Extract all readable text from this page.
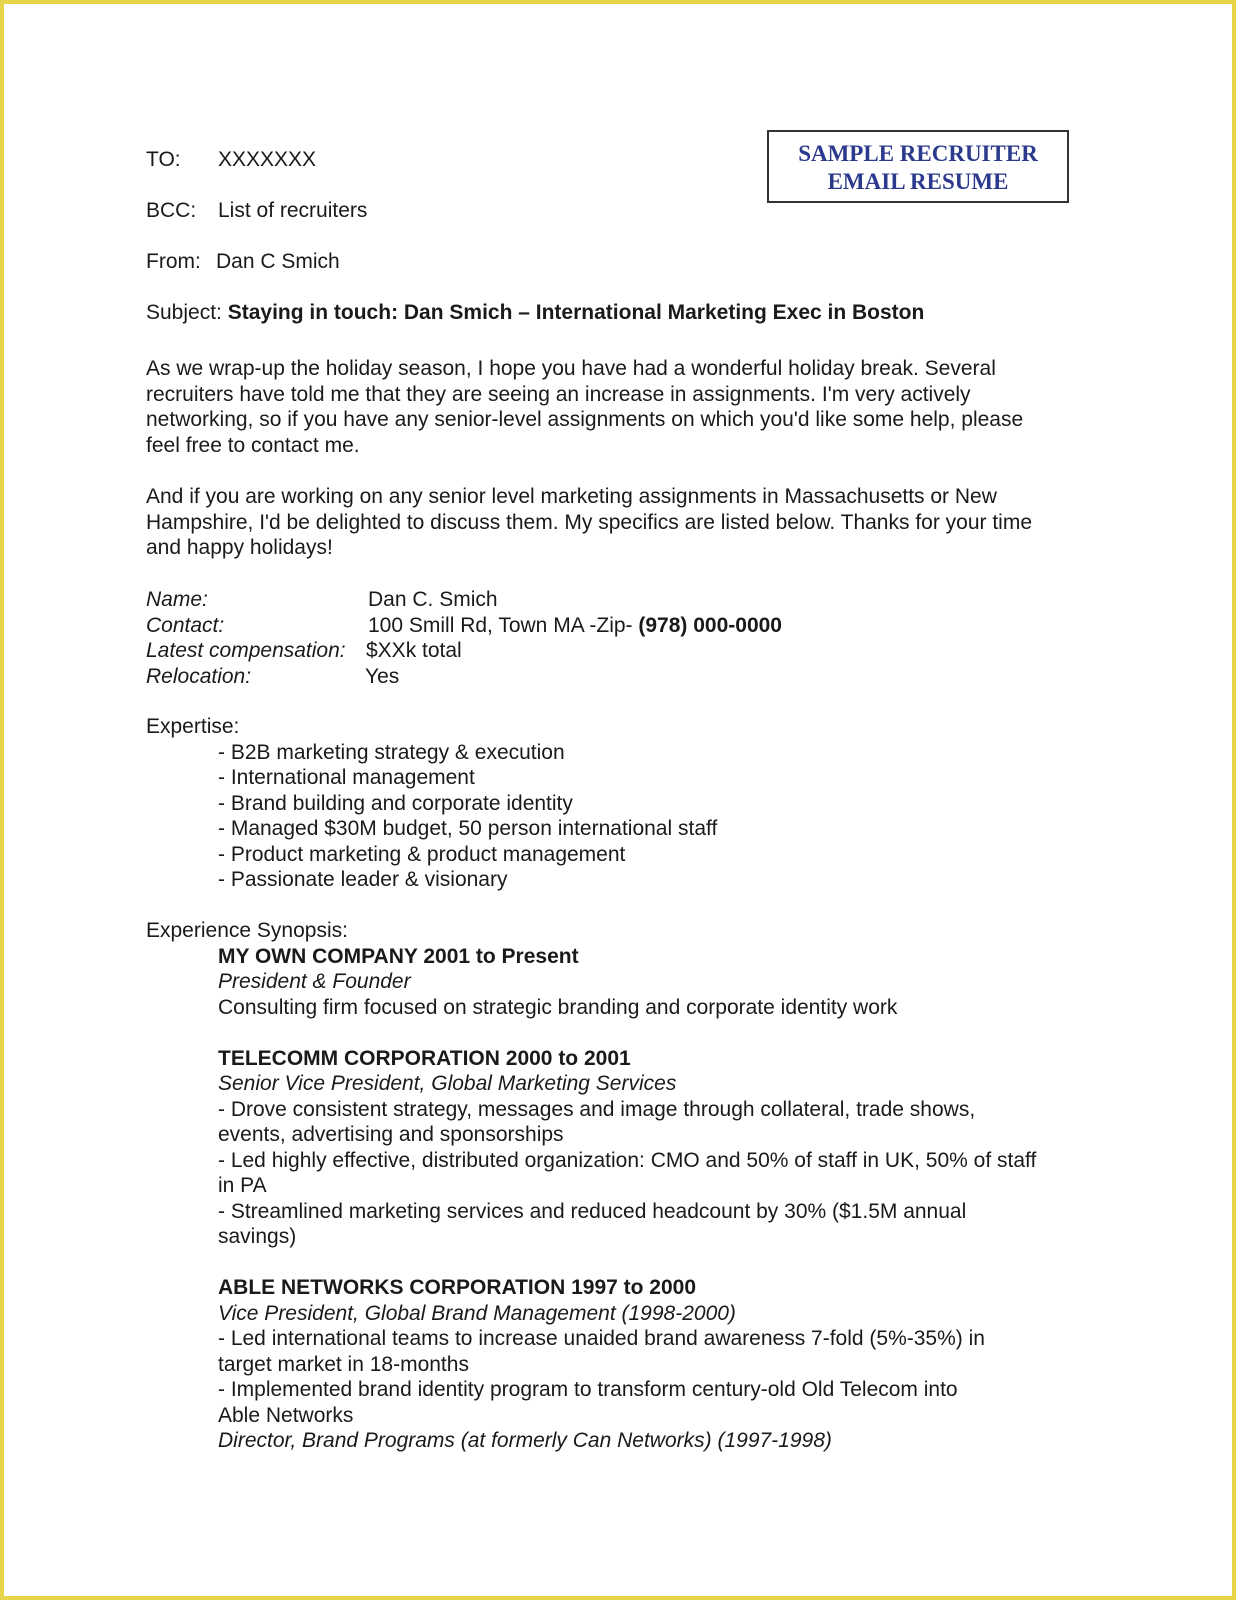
SAMPLE RECRUITER
EMAIL RESUME
TO: XXXXXXX
BCC: List of recruiters
From: Dan C Smich
Subject: Staying in touch: Dan Smich – International Marketing Exec in Boston
As we wrap-up the holiday season, I hope you have had a wonderful holiday break. Several
recruiters have told me that they are seeing an increase in assignments. I'm very actively
networking, so if you have any senior-level assignments on which you'd like some help, please
feel free to contact me.
And if you are working on any senior level marketing assignments in Massachusetts or New
Hampshire, I'd be delighted to discuss them. My specifics are listed below. Thanks for your time
and happy holidays!
Name:	Dan C. Smich
Contact:	100 Smill Rd, Town MA -Zip- (978) 000-0000
Latest compensation: $XXk total
Relocation:	Yes
Expertise:
- B2B marketing strategy & execution
- International management
- Brand building and corporate identity
- Managed $30M budget, 50 person international staff
- Product marketing & product management
- Passionate leader & visionary
Experience Synopsis:
MY OWN COMPANY 2001 to Present
President & Founder
Consulting firm focused on strategic branding and corporate identity work
TELECOMM CORPORATION 2000 to 2001
Senior Vice President, Global Marketing Services
- Drove consistent strategy, messages and image through collateral, trade shows,
events, advertising and sponsorships
- Led highly effective, distributed organization: CMO and 50% of staff in UK, 50% of staff
in PA
- Streamlined marketing services and reduced headcount by 30% ($1.5M annual
savings)
ABLE NETWORKS CORPORATION 1997 to 2000
Vice President, Global Brand Management (1998-2000)
- Led international teams to increase unaided brand awareness 7-fold (5%-35%) in
target market in 18-months
- Implemented brand identity program to transform century-old Old Telecom into
Able Networks
Director, Brand Programs (at formerly Can Networks) (1997-1998)
